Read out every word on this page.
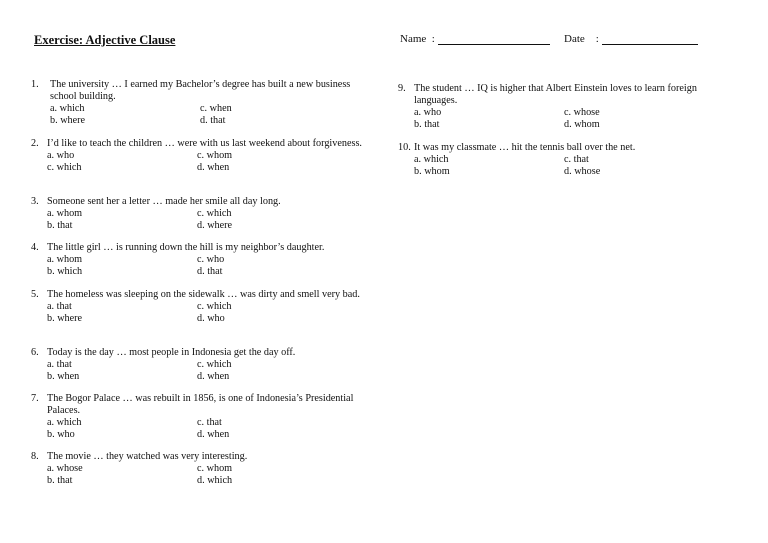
Exercise: Adjective Clause	Name  :	Date    :
1.	The university … I earned my Bachelor’s degree has built a new business school building.
a. which	c. when
b. where	d. that
2. I’d like to teach the children … were with us last weekend about forgiveness.
a. who	c. whom
c. which	d. when
3. Someone sent her a letter … made her smile all day long.
a. whom	c. which
b. that	d. where
4. The little girl … is running down the hill is my neighbor’s daughter.
a. whom	c. who
b. which	d. that
5. The homeless was sleeping on the sidewalk … was dirty and smell very bad.
a. that	c. which
b. where	d. who
6. Today is the day … most people in Indonesia get the day off.
a. that	c. which
b. when	d. when
7. The Bogor Palace … was rebuilt in 1856, is one of Indonesia’s Presidential Palaces.
a. which	c. that
b. who	d. when
8. The movie … they watched was very interesting.
a. whose	c. whom
b. that	d. which
9. The student … IQ is higher that Albert Einstein loves to learn foreign languages.
a. who	c. whose
b. that	d. whom
10. It was my classmate … hit the tennis ball over the net.
a. which	c. that
b. whom	d. whose
